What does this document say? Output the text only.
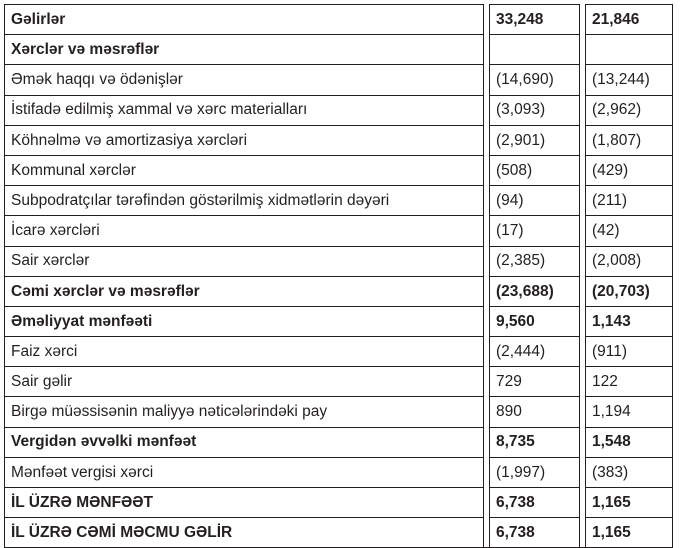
Gəlirlər		33,248		21,846
Xərclər və məsrəflər				
Əmək haqqı və ödənişlər		(14,690)		(13,244)
İstifadə edilmiş xammal və xərc materialları		(3,093)		(2,962)
Köhnəlmə və amortizasiya xərcləri		(2,901)		(1,807)
Kommunal xərclər		(508)		(429)
Subpodratçılar tərəfindən göstərilmiş xidmətlərin dəyəri		(94)		(211)
İcarə xərcləri		(17)		(42)
Sair xərclər		(2,385)		(2,008)
Cəmi xərclər və məsrəflər		(23,688)		(20,703)
Əməliyyat mənfəəti		9,560		1,143
Faiz xərci		(2,444)		(911)
Sair gəlir		729		122
Birgə müəssisənin maliyyə nəticələrindəki pay		890		1,194
Vergidən əvvəlki mənfəət		8,735		1,548
Mənfəət vergisi xərci		(1,997)		(383)
İL ÜZRƏ MƏNFƏƏT		6,738		1,165
İL ÜZRƏ CƏMİ MƏCMU GƏLİR		6,738		1,165
